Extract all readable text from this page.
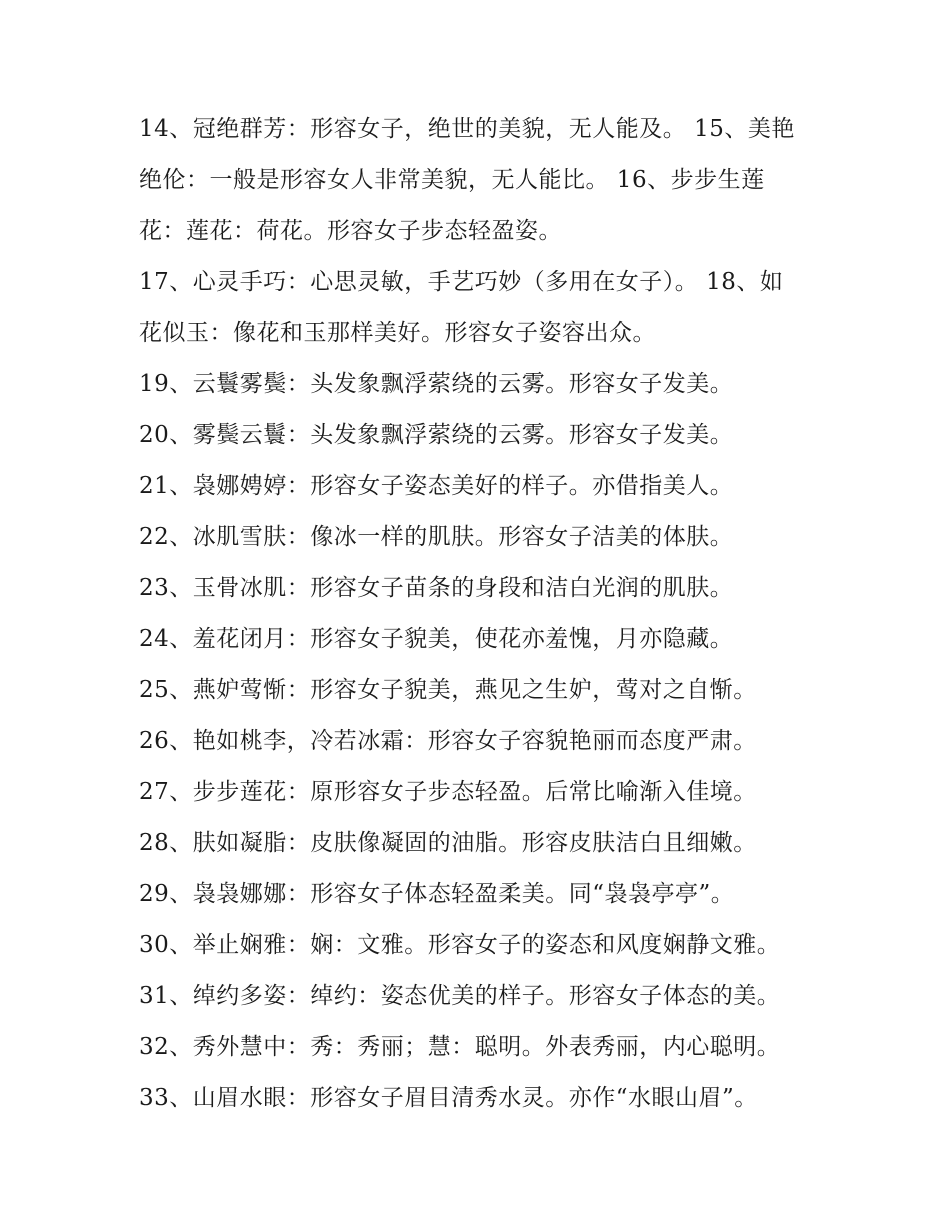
14、冠绝群芳：形容女子，绝世的美貌，无人能及。 15、美艳
绝伦：一般是形容女人非常美貌，无人能比。 16、步步生莲
花：莲花：荷花。形容女子步态轻盈姿。
17、心灵手巧：心思灵敏，手艺巧妙（多用在女子）。 18、如
花似玉：像花和玉那样美好。形容女子姿容出众。
19、云鬟雾鬓：头发象飘浮萦绕的云雾。形容女子发美。
20、雾鬓云鬟：头发象飘浮萦绕的云雾。形容女子发美。
21、袅娜娉婷：形容女子姿态美好的样子。亦借指美人。
22、冰肌雪肤：像冰一样的肌肤。形容女子洁美的体肤。
23、玉骨冰肌：形容女子苗条的身段和洁白光润的肌肤。
24、羞花闭月：形容女子貌美，使花亦羞愧，月亦隐藏。
25、燕妒莺惭：形容女子貌美，燕见之生妒，莺对之自惭。
26、艳如桃李，冷若冰霜：形容女子容貌艳丽而态度严肃。
27、步步莲花：原形容女子步态轻盈。后常比喻渐入佳境。
28、肤如凝脂：皮肤像凝固的油脂。形容皮肤洁白且细嫩。
29、袅袅娜娜：形容女子体态轻盈柔美。同“袅袅亭亭”。
30、举止娴雅：娴：文雅。形容女子的姿态和风度娴静文雅。
31、绰约多姿：绰约：姿态优美的样子。形容女子体态的美。
32、秀外慧中：秀：秀丽；慧：聪明。外表秀丽，内心聪明。
33、山眉水眼：形容女子眉目清秀水灵。亦作“水眼山眉”。
